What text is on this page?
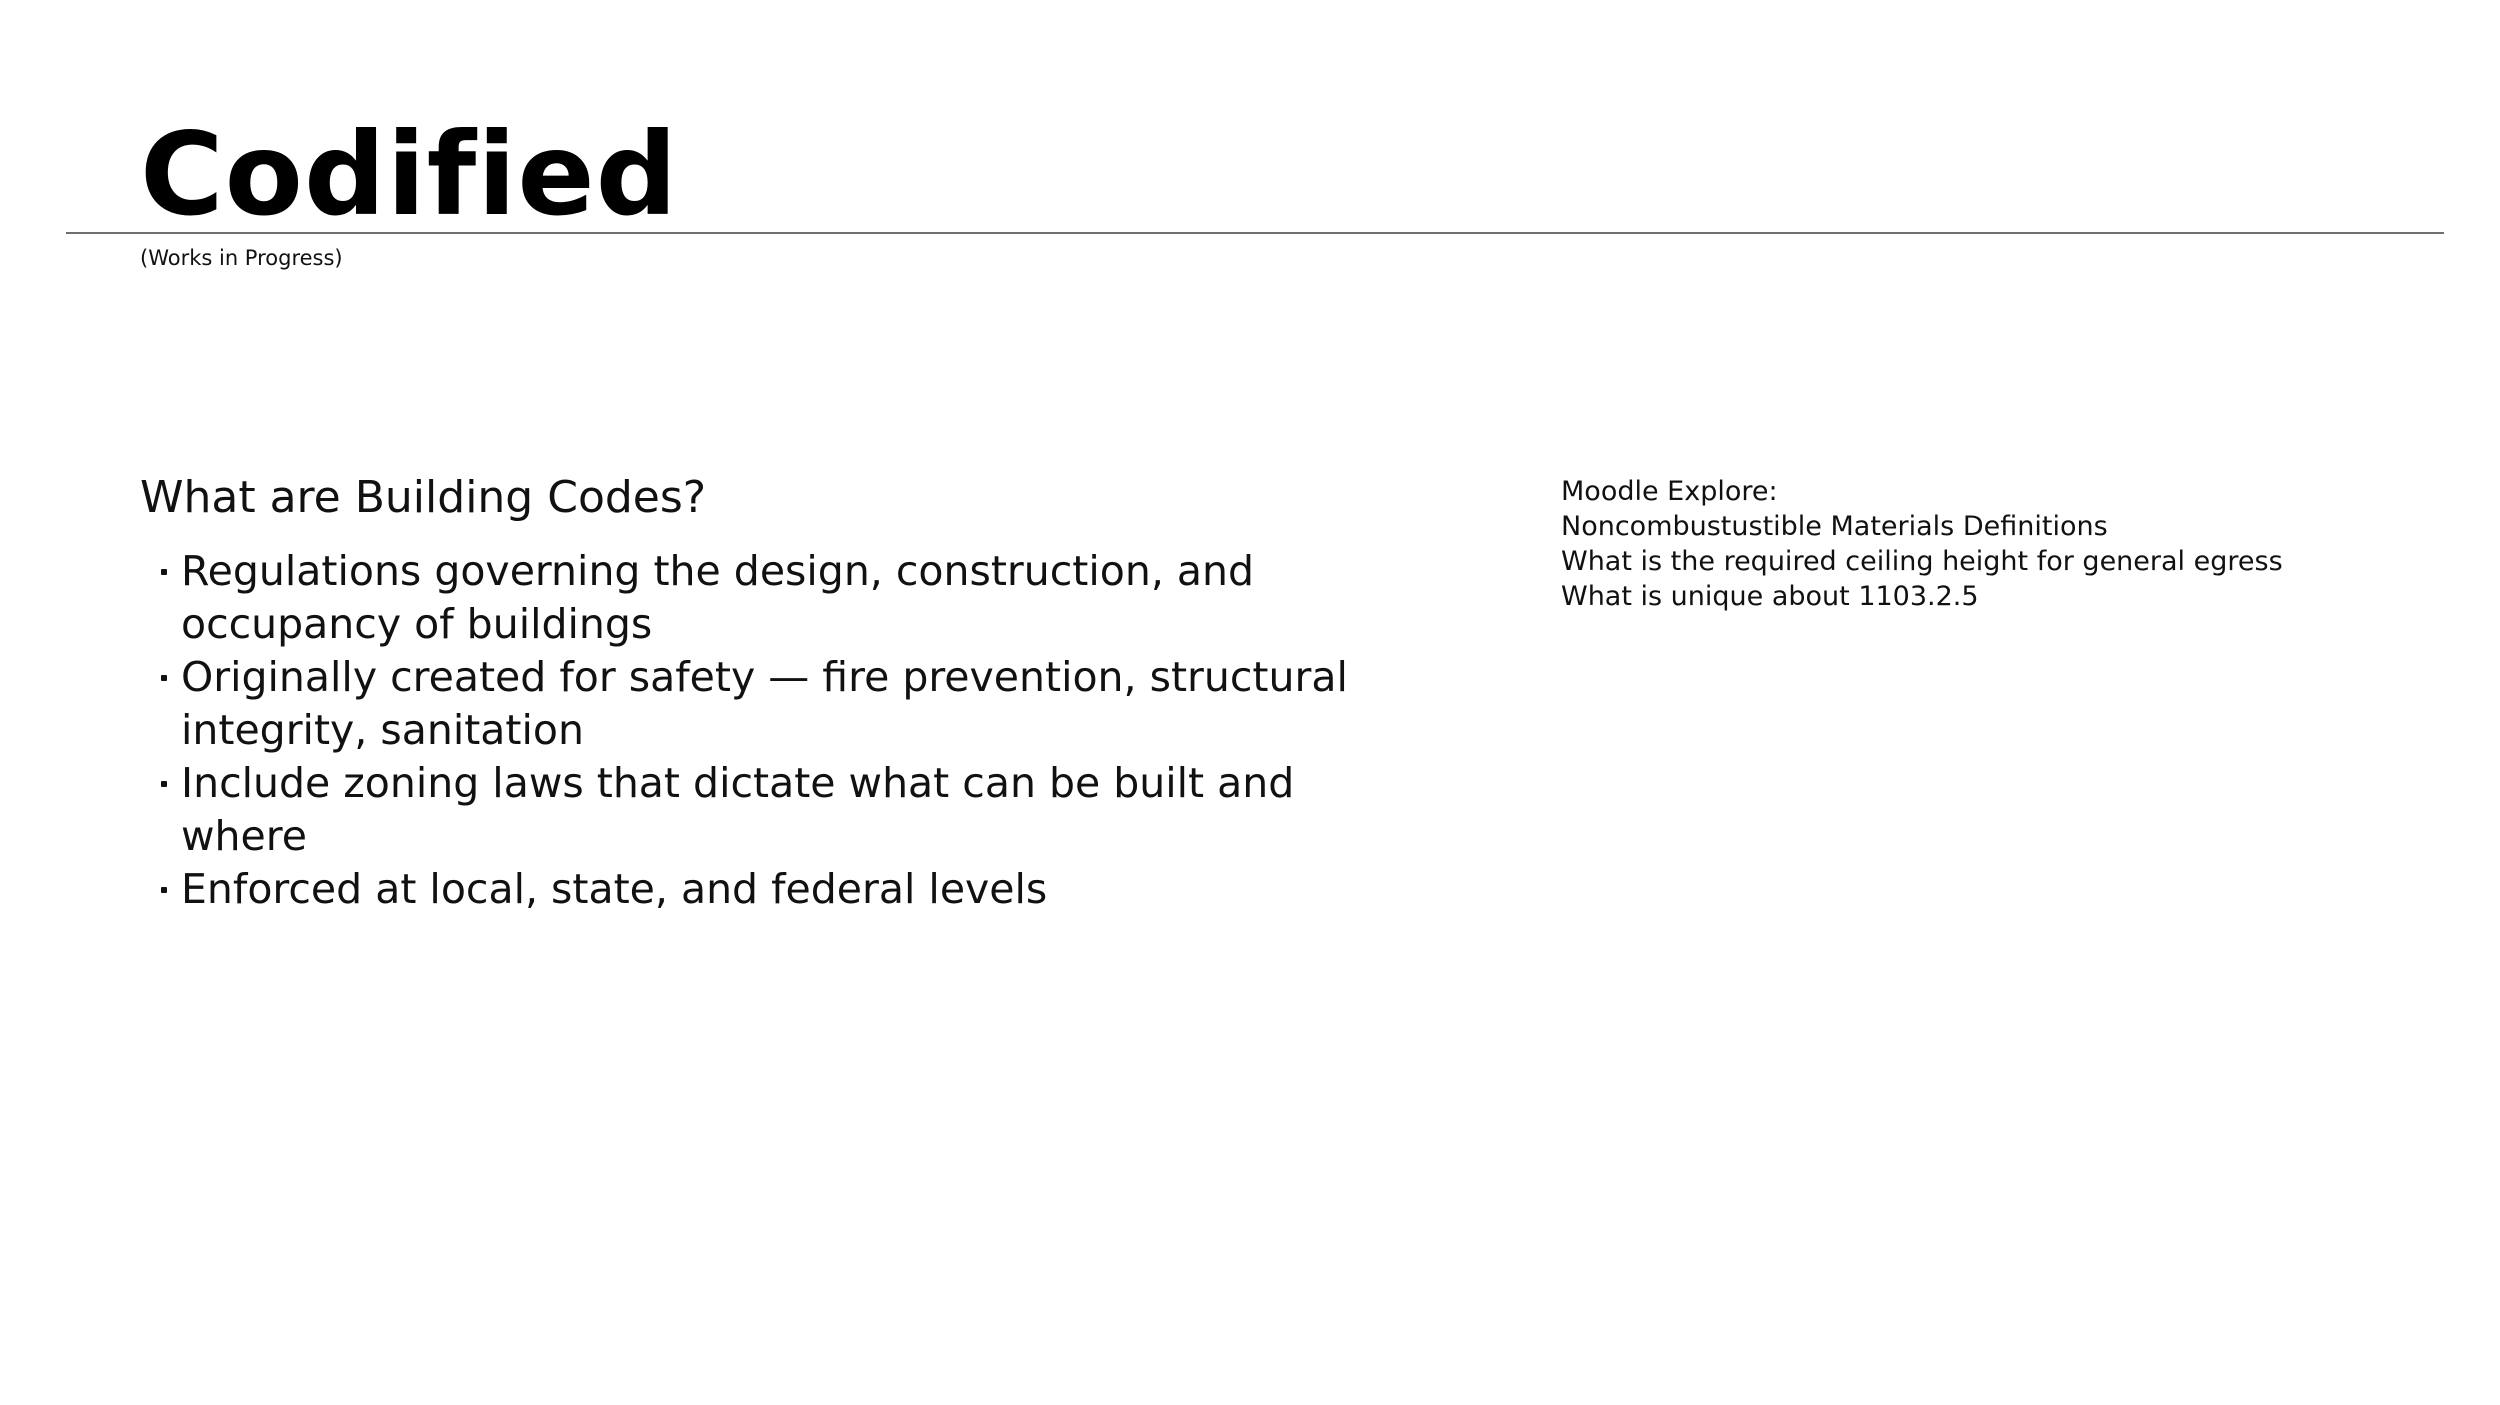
Codified
(Works in Progress)
What are Building Codes?
Regulations governing the design, construction, and occupancy of buildings
Originally created for safety — fire prevention, structural integrity, sanitation
Include zoning laws that dictate what can be built and where
Enforced at local, state, and federal levels
Moodle Explore:
Noncombustustible Materials Definitions
What is the required ceiling height for general egress
What is unique about 1103.2.5
